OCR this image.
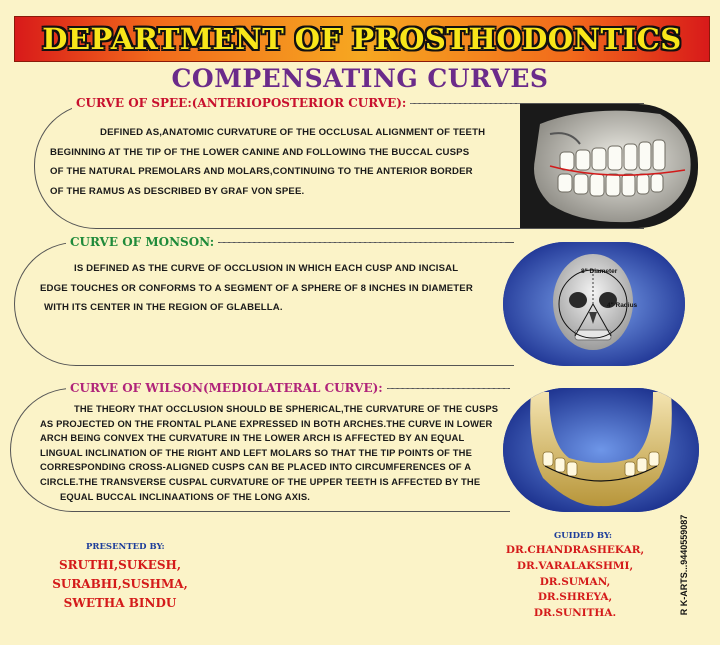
DEPARTMENT OF PROSTHODONTICS
COMPENSATING CURVES
CURVE OF SPEE:(ANTERIOPOSTERIOR CURVE):

DEFINED AS,ANATOMIC CURVATURE OF THE OCCLUSAL ALIGNMENT OF TEETH

BEGINNING AT THE TIP OF THE LOWER CANINE AND FOLLOWING THE BUCCAL CUSPS

OF THE NATURAL PREMOLARS AND MOLARS,CONTINUING TO THE ANTERIOR BORDER

OF THE RAMUS AS DESCRIBED BY GRAF VON SPEE.

CURVE OF MONSON:

IS DEFINED AS THE CURVE OF OCCLUSION IN WHICH EACH CUSP AND INCISAL

EDGE TOUCHES OR CONFORMS TO A SEGMENT OF A SPHERE OF 8 INCHES IN DIAMETER

WITH ITS CENTER IN THE REGION OF GLABELLA.

8" Diameter
4" Radius
CURVE OF WILSON(MEDIOLATERAL CURVE):

THE THEORY THAT OCCLUSION SHOULD BE SPHERICAL,THE CURVATURE OF THE CUSPS

AS PROJECTED ON THE FRONTAL PLANE EXPRESSED IN BOTH ARCHES.THE CURVE IN LOWER

ARCH BEING CONVEX THE CURVATURE IN THE LOWER ARCH IS AFFECTED BY AN EQUAL

LINGUAL INCLINATION OF THE RIGHT AND LEFT MOLARS SO THAT THE TIP POINTS OF THE

CORRESPONDING CROSS-ALIGNED CUSPS CAN BE PLACED INTO CIRCUMFERENCES OF A

CIRCLE.THE TRANSVERSE CUSPAL CURVATURE OF THE UPPER TEETH IS AFFECTED BY THE

EQUAL BUCCAL INCLINAATIONS OF THE LONG AXIS.

PRESENTED BY:
SRUTHI,SUKESH,
SURABHI,SUSHMA,
SWETHA BINDU
GUIDED BY:
DR.CHANDRASHEKAR,
DR.VARALAKSHMI,
DR.SUMAN,
DR.SHREYA,
DR.SUNITHA.	R K-ARTS...9440559087
